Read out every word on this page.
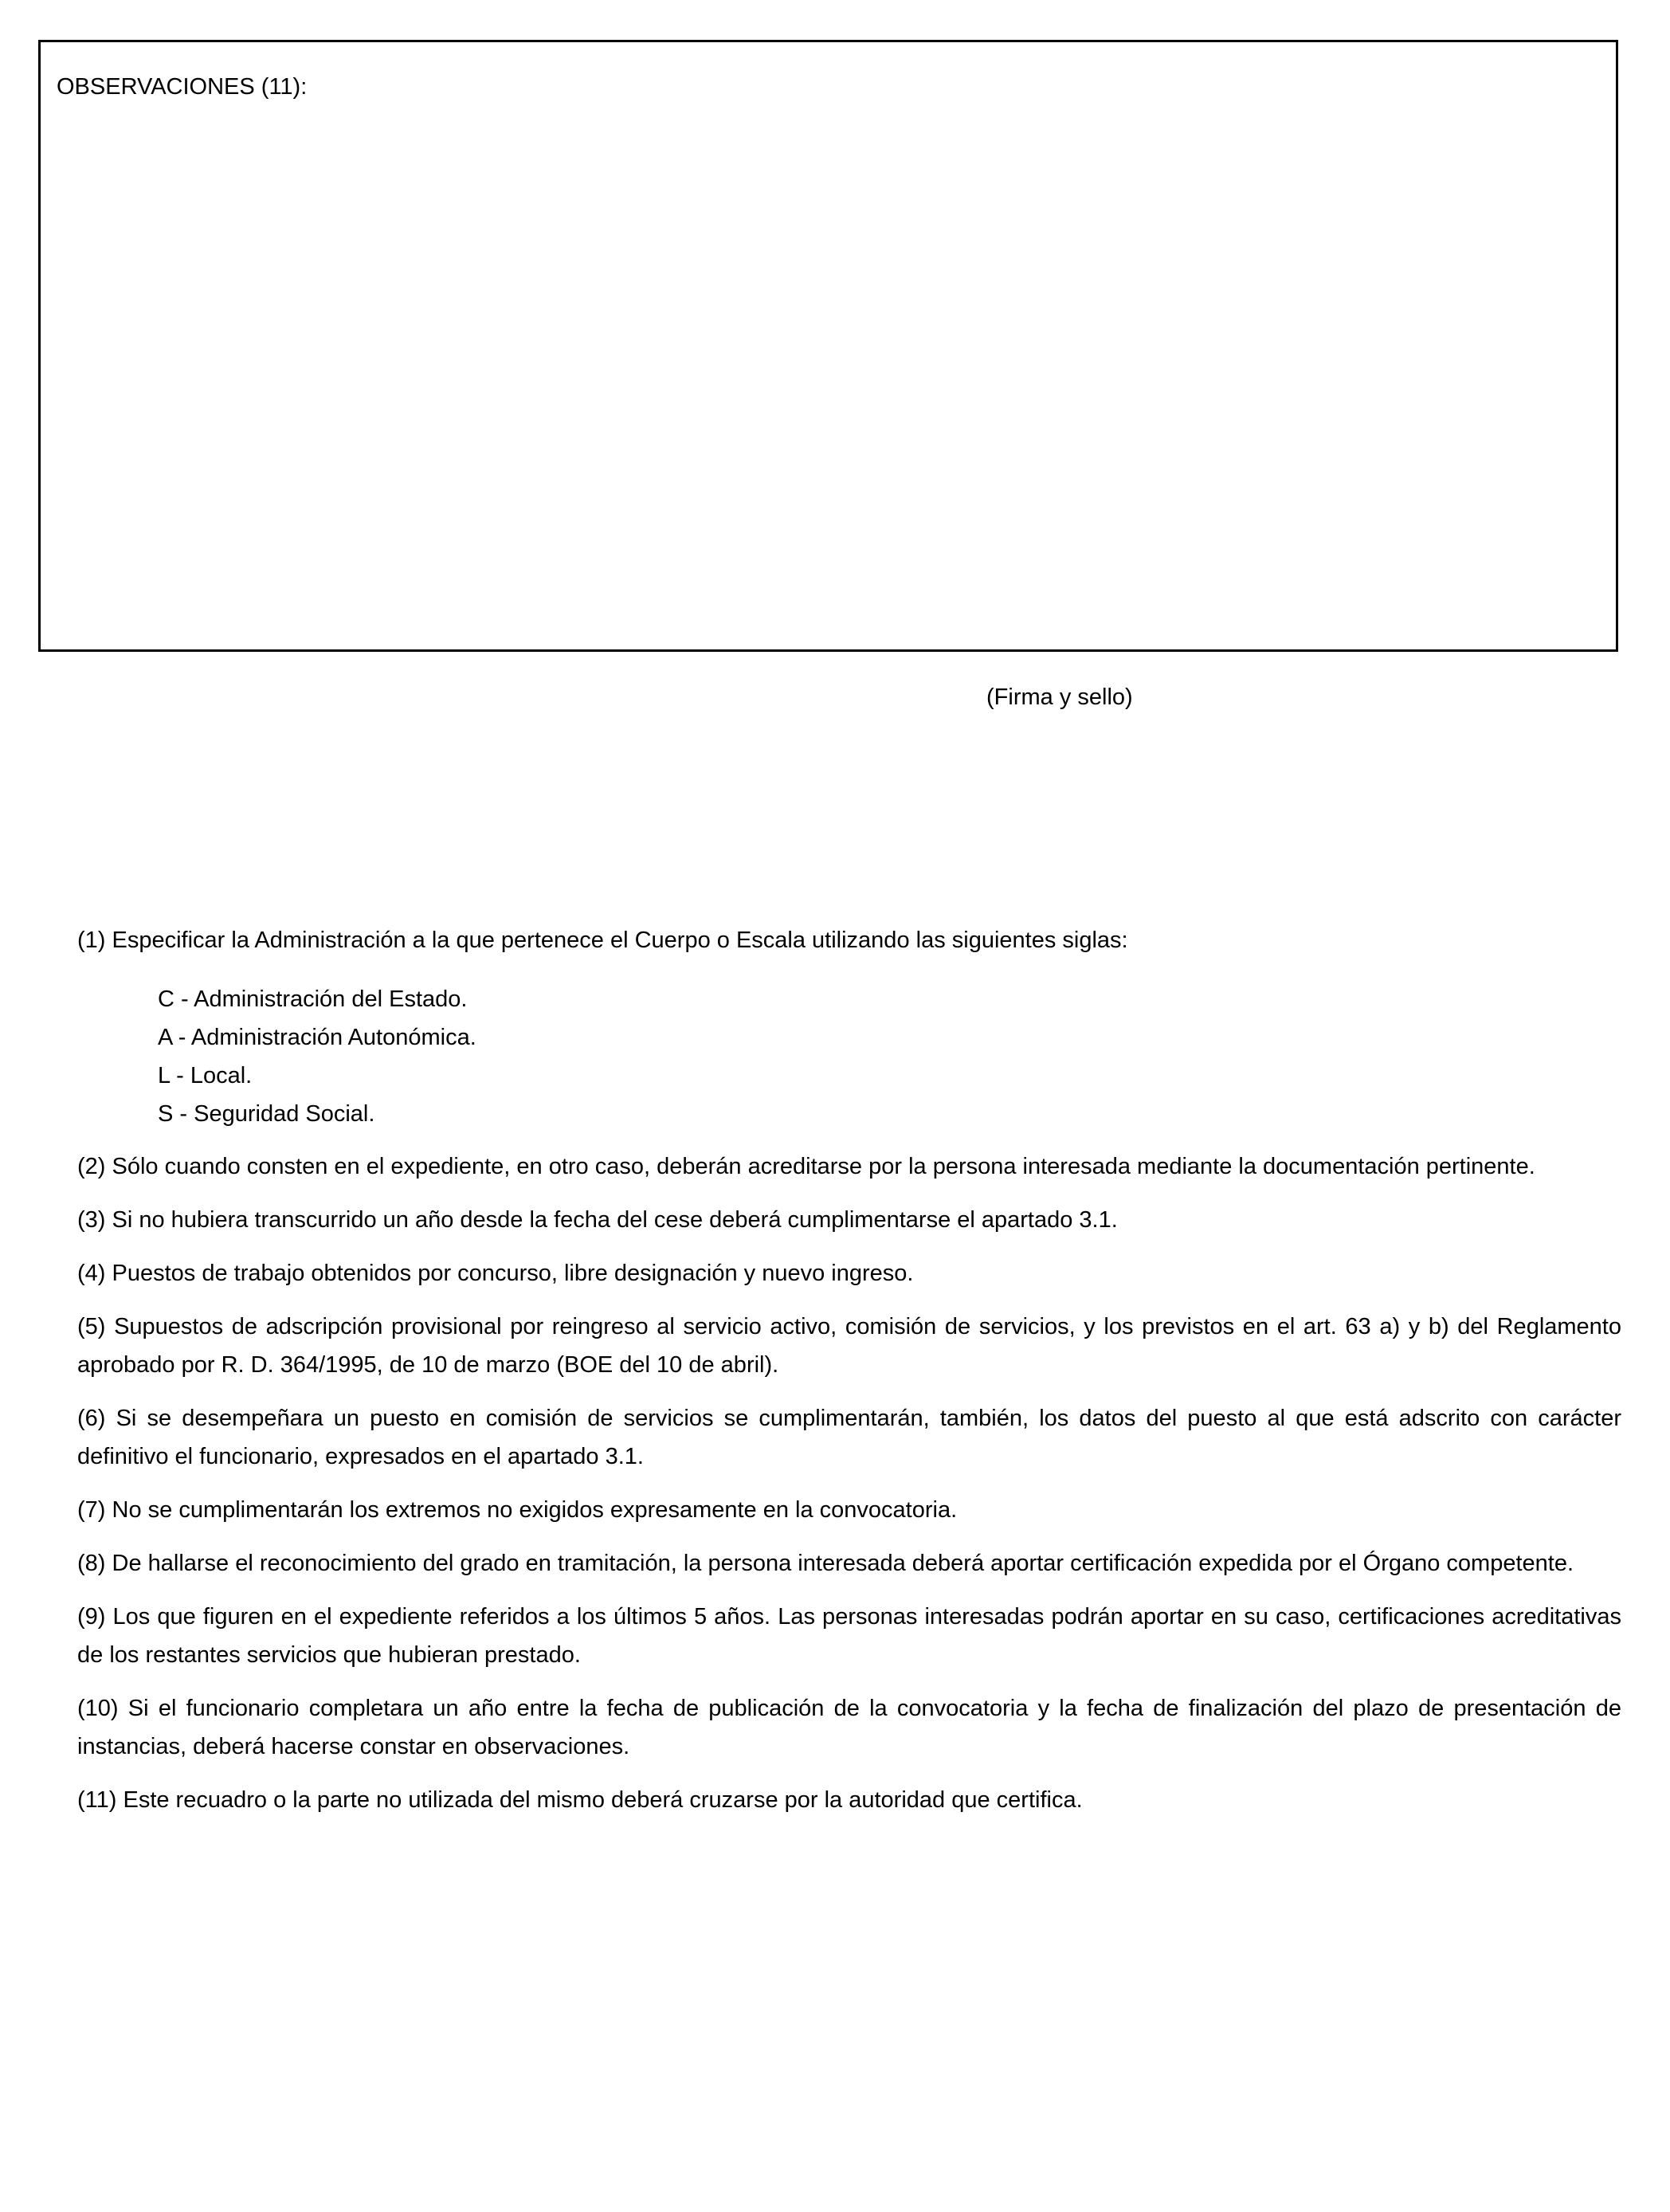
OBSERVACIONES (11):
(Firma y sello)

(1) Especificar la Administración a la que pertenece el Cuerpo o Escala utilizando las siguientes siglas:

C - Administración del Estado.
A - Administración Autonómica.
L - Local.
S - Seguridad Social.

(2) Sólo cuando consten en el expediente, en otro caso, deberán acreditarse por la persona interesada mediante la documentación pertinente.

(3) Si no hubiera transcurrido un año desde la fecha del cese deberá cumplimentarse el apartado 3.1.

(4) Puestos de trabajo obtenidos por concurso, libre designación y nuevo ingreso.

(5) Supuestos de adscripción provisional por reingreso al servicio activo, comisión de servicios, y los previstos en el art. 63 a) y b) del Reglamento aprobado por R. D. 364/1995, de 10 de marzo (BOE del 10 de abril).

(6) Si se desempeñara un puesto en comisión de servicios se cumplimentarán, también, los datos del puesto al que está adscrito con carácter definitivo el funcionario, expresados en el apartado 3.1.

(7) No se cumplimentarán los extremos no exigidos expresamente en la convocatoria.

(8) De hallarse el reconocimiento del grado en tramitación, la persona interesada deberá aportar certificación expedida por el Órgano competente.

(9) Los que figuren en el expediente referidos a los últimos 5 años. Las personas interesadas podrán aportar en su caso, certificaciones acreditativas de los restantes servicios que hubieran prestado.

(10) Si el funcionario completara un año entre la fecha de publicación de la convocatoria y la fecha de finalización del plazo de presentación de instancias, deberá hacerse constar en observaciones.

(11) Este recuadro o la parte no utilizada del mismo deberá cruzarse por la autoridad que certifica.
